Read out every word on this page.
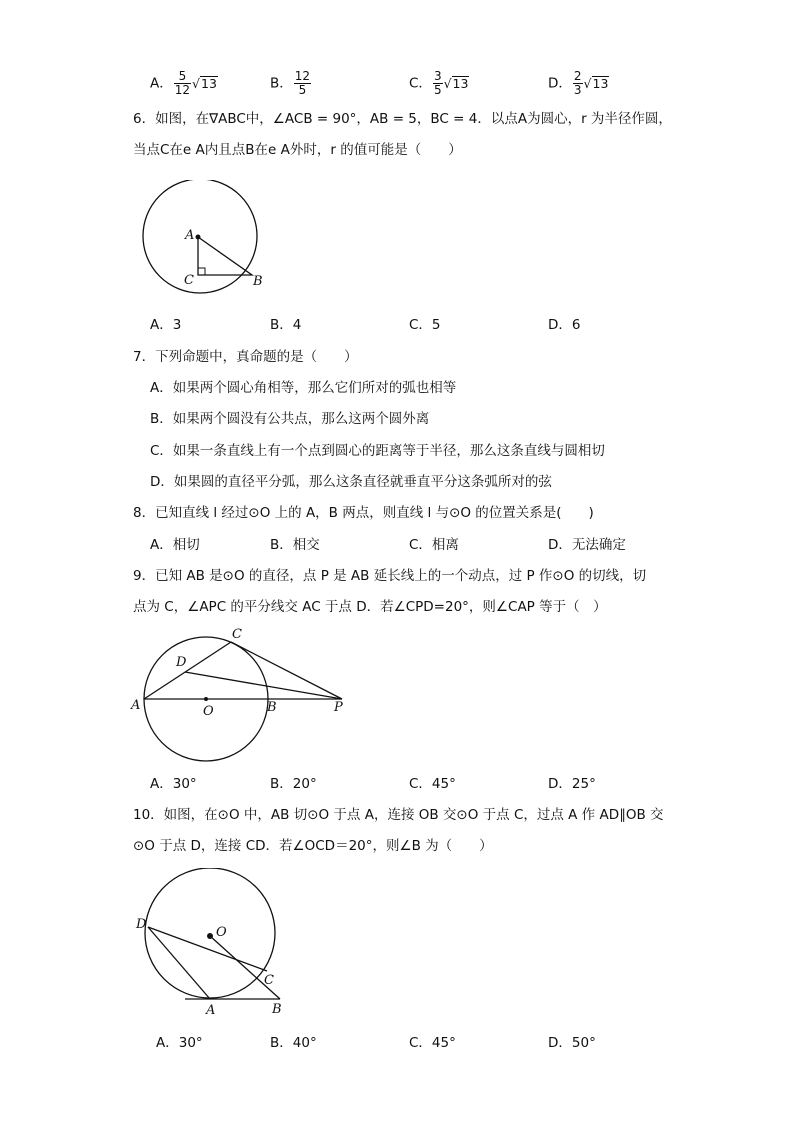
A． $\frac{5}{12} √13$	B． $\frac{12}{5}$	C． $\frac{3}{5} √13$	D． $\frac{2}{3} √13$
6．如图，在∇ABC中，∠ACB = 90°，AB = 5，BC = 4．以点A为圆心，r 为半径作圆，
当点C在e A内且点B在e A外时，r 的值可能是（　　）
A
C	B
A．3	B．4	C．5	D．6
7．下列命题中，真命题的是（　　）
A．如果两个圆心角相等，那么它们所对的弧也相等
B．如果两个圆没有公共点，那么这两个圆外离
C．如果一条直线上有一个点到圆心的距离等于半径，那么这条直线与圆相切
D．如果圆的直径平分弧，那么这条直径就垂直平分这条弧所对的弦
8．已知直线 l 经过⊙O 上的 A，B 两点，则直线 l 与⊙O 的位置关系是(　　)
A．相切	B．相交	C．相离	D．无法确定
9．已知 AB 是⊙O 的直径，点 P 是 AB 延长线上的一个动点，过 P 作⊙O 的切线，切
点为 C，∠APC 的平分线交 AC 于点 D．若∠CPD=20°，则∠CAP 等于（　）
A	O	B	P
C
D
A．30°	B．20°	C．45°	D．25°
10．如图，在⊙O 中，AB 切⊙O 于点 A，连接 OB 交⊙O 于点 C，过点 A 作 AD∥OB 交
⊙O 于点 D，连接 CD．若∠OCD＝20°，则∠B 为（　　）
O
D
C
A	B
A．30°	B．40°	C．45°	D．50°
